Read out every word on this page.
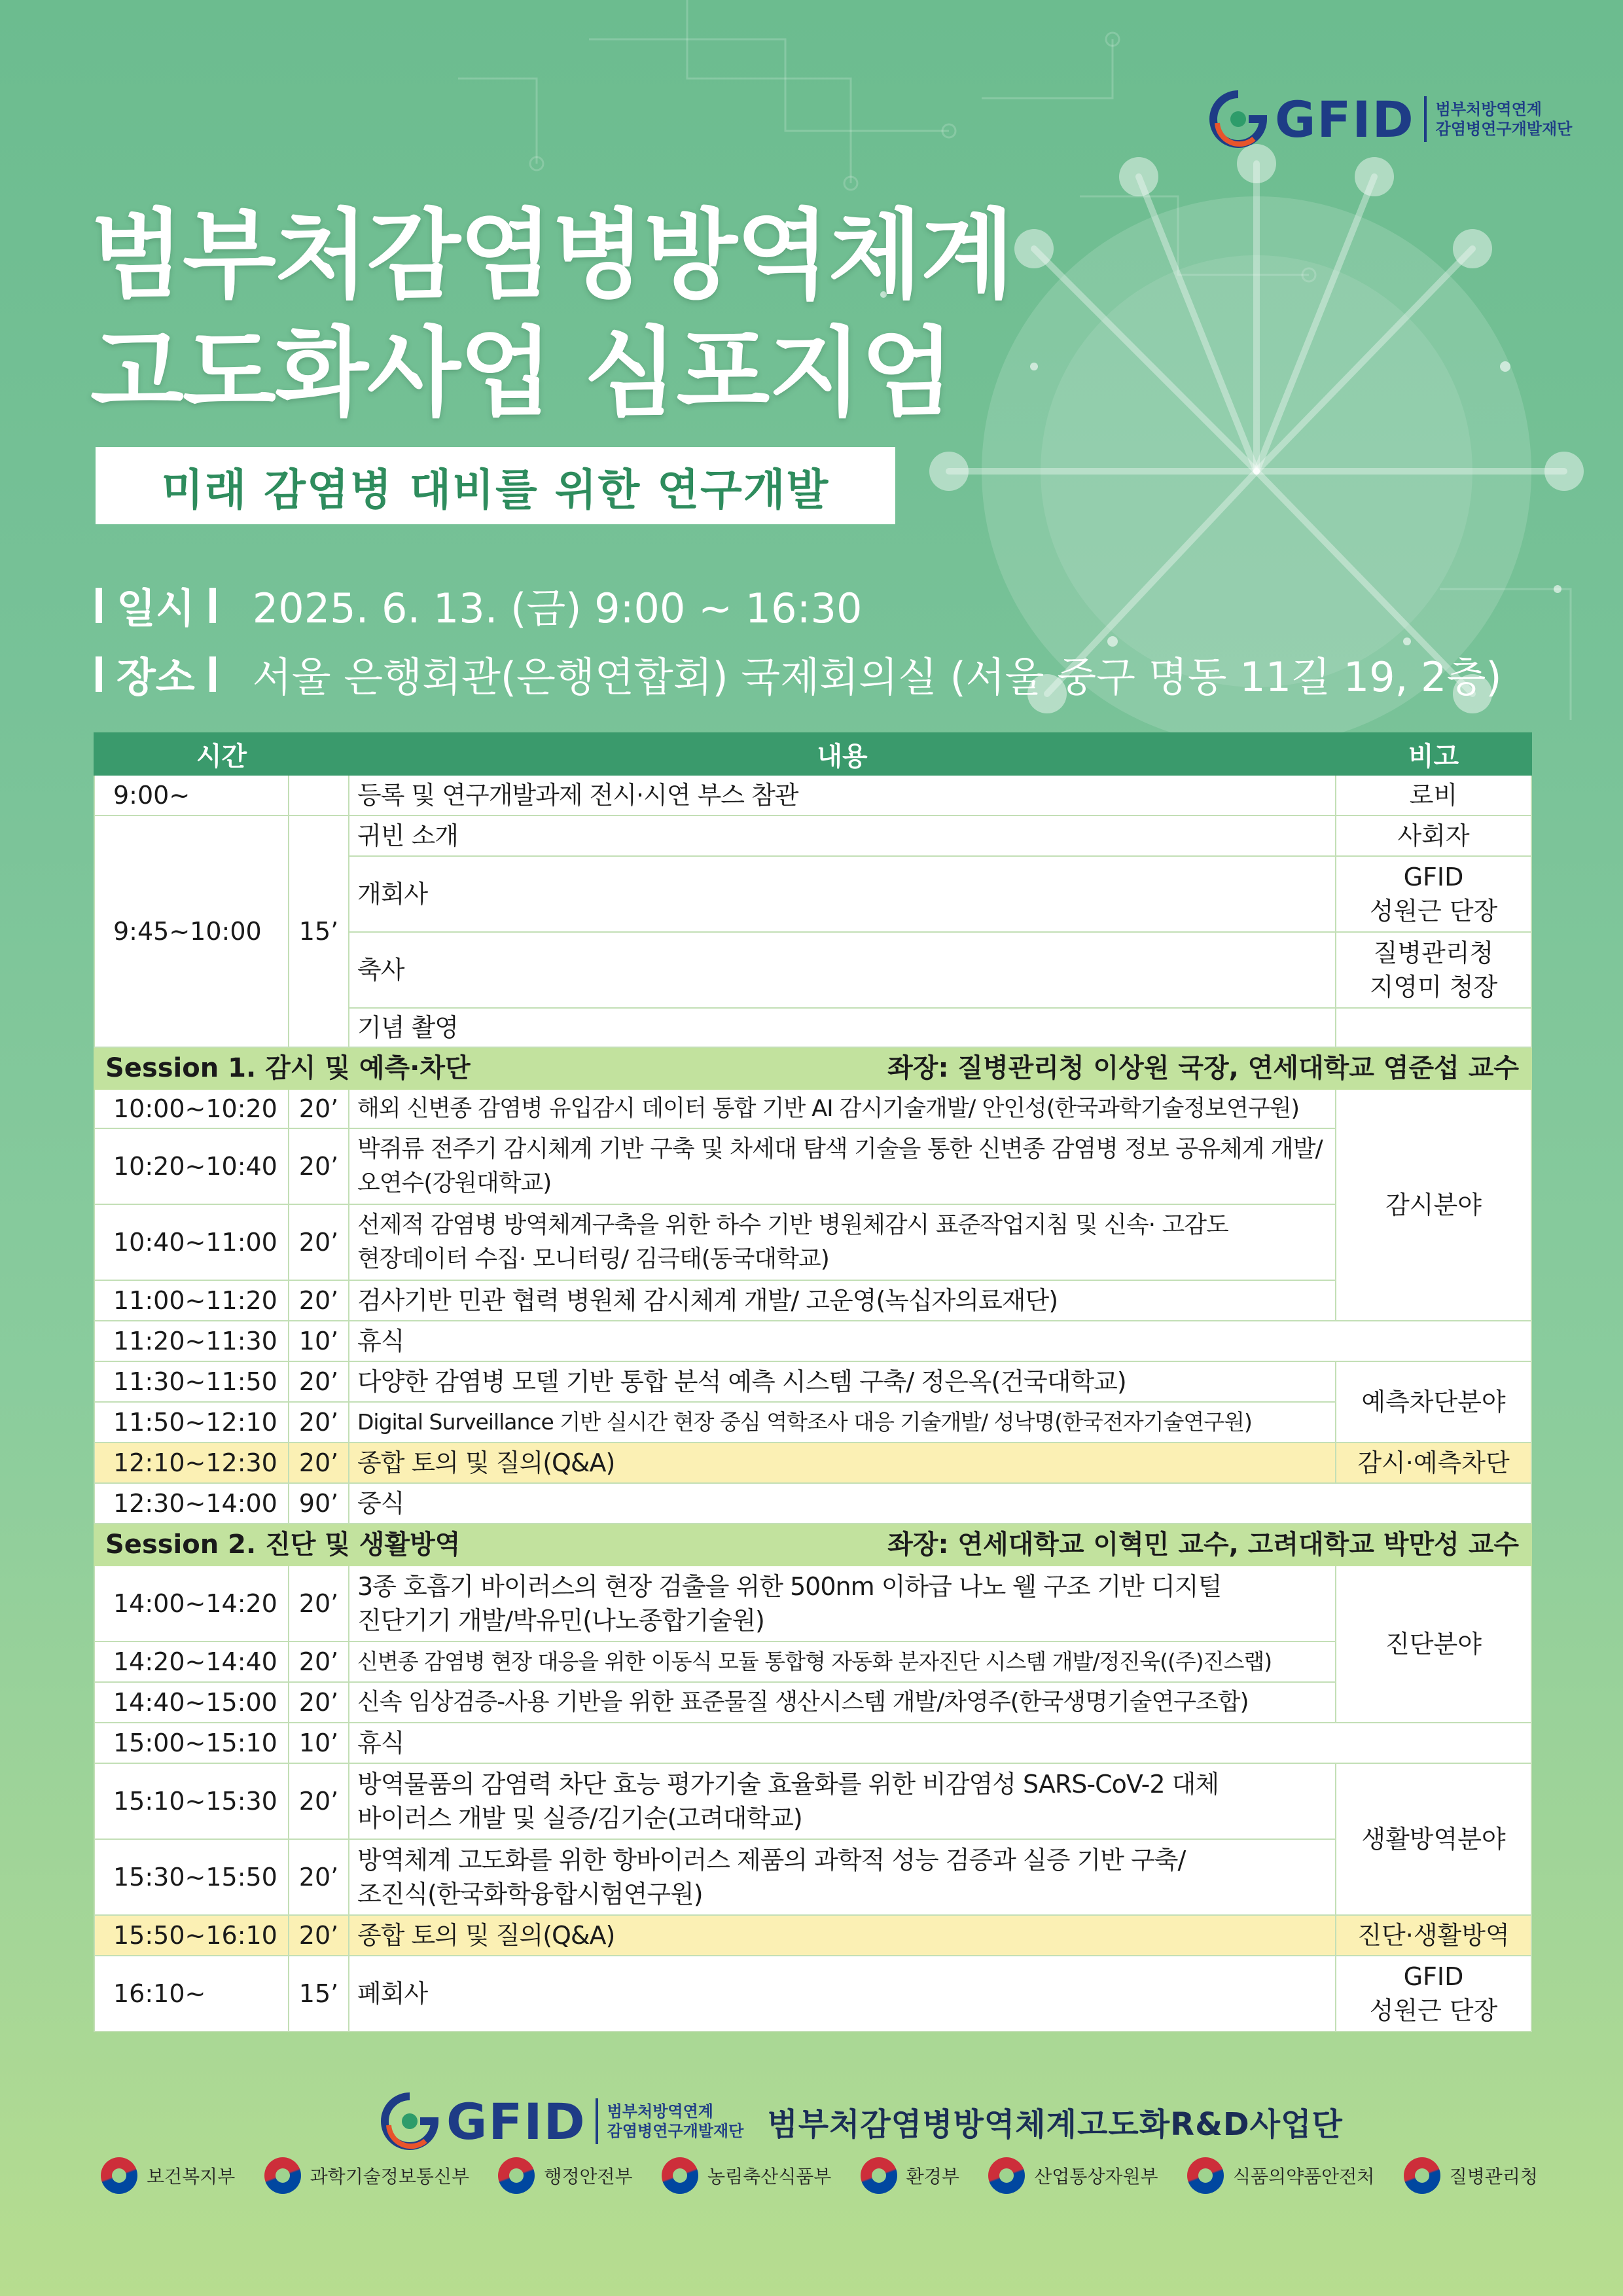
GFID 범부처방역연계
감염병연구개발재단
범부처감염병방역체계
고도화사업 심포지엄
미래 감염병 대비를 위한 연구개발
일시 2025. 6. 13. (금) 9:00 ~ 16:30
장소 서울 은행회관(은행연합회) 국제회의실 (서울 중구 명동 11길 19, 2층)
시간		내용	비고
9:00~		등록 및 연구개발과제 전시·시연 부스 참관	로비
9:45~10:00	15’	귀빈 소개	사회자
		개회사	GFID
성원근 단장

		축사	질병관리청
지영미 청장

		기념 촬영	

Session 1. 감시 및 예측·차단 좌장: 질병관리청 이상원 국장, 연세대학교 염준섭 교수			

10:00~10:20	20’	해외 신변종 감염병 유입감시 데이터 통합 기반 AI 감시기술개발/ 안인성(한국과학기술정보연구원)	감시분야
10:20~10:40	20’	박쥐류 전주기 감시체계 기반 구축 및 차세대 탐색 기술을 통한 신변종 감염병 정보 공유체계 개발/
오연수(강원대학교)	

10:40~11:00	20’	선제적 감염병 방역체계구축을 위한 하수 기반 병원체감시 표준작업지침 및 신속· 고감도
현장데이터 수집· 모니터링/ 김극태(동국대학교)	

11:00~11:20	20’	검사기반 민관 협력 병원체 감시체계 개발/ 고운영(녹십자의료재단)	
11:20~11:30	10’	휴식	
11:30~11:50	20’	다양한 감염병 모델 기반 통합 분석 예측 시스템 구축/ 정은옥(건국대학교)	예측차단분야
11:50~12:10	20’	Digital Surveillance 기반 실시간 현장 중심 역학조사 대응 기술개발/ 성낙명(한국전자기술연구원)	
12:10~12:30	20’	종합 토의 및 질의(Q&A)	감시·예측차단
12:30~14:00	90’	중식	

Session 2. 진단 및 생활방역 좌장: 연세대학교 이혁민 교수, 고려대학교 박만성 교수			

14:00~14:20	20’	3종 호흡기 바이러스의 현장 검출을 위한 500nm 이하급 나노 웰 구조 기반 디지털
진단기기 개발/박유민(나노종합기술원)	진단분야
14:20~14:40	20’	신변종 감염병 현장 대응을 위한 이동식 모듈 통합형 자동화 분자진단 시스템 개발/정진욱((주)진스랩)	
14:40~15:00	20’	신속 임상검증-사용 기반을 위한 표준물질 생산시스템 개발/차영주(한국생명기술연구조합)	
15:00~15:10	10’	휴식	
15:10~15:30	20’	방역물품의 감염력 차단 효능 평가기술 효율화를 위한 비감염성 SARS-CoV-2 대체
바이러스 개발 및 실증/김기순(고려대학교)	생활방역분야
15:30~15:50	20’	방역체계 고도화를 위한 항바이러스 제품의 과학적 성능 검증과 실증 기반 구축/
조진식(한국화학융합시험연구원)	

15:50~16:10	20’	종합 토의 및 질의(Q&A)	진단·생활방역
16:10~	15’	폐회사	GFID
성원근 단장
GFID 범부처방역연계
감염병연구개발재단 범부처감염병방역체계고도화R&D사업단
보건복지부	과학기술정보통신부	행정안전부	농림축산식품부	환경부	산업통상자원부	식품의약품안전처	질병관리청
